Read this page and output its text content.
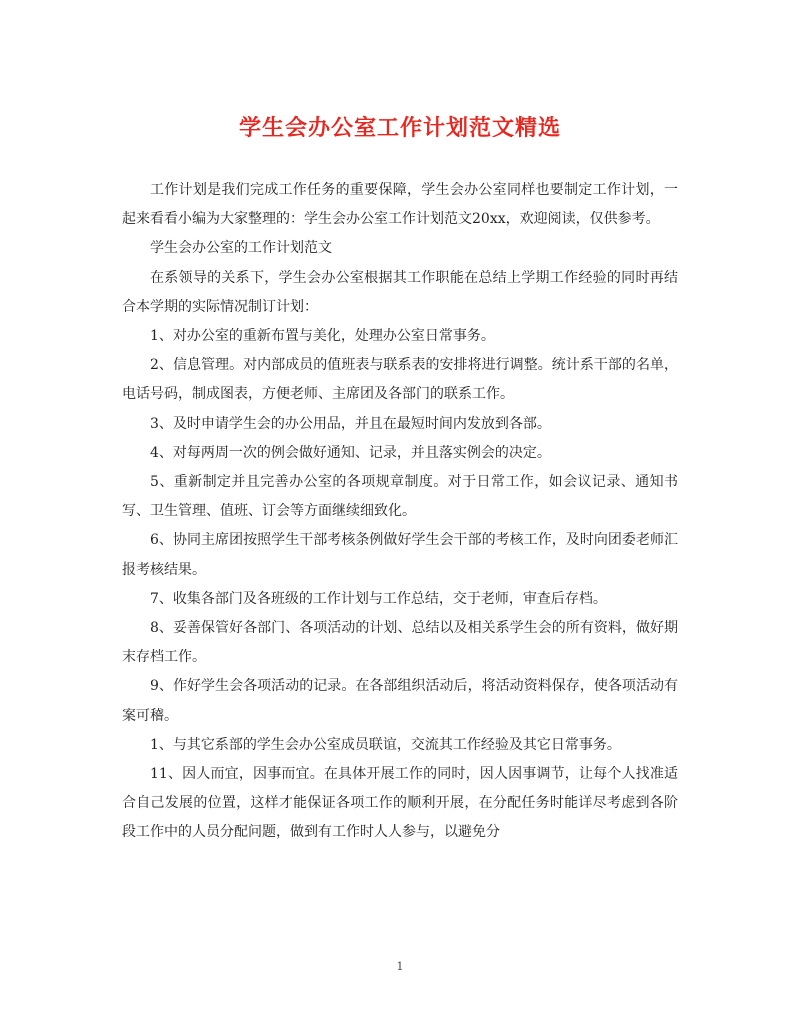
学生会办公室工作计划范文精选

工作计划是我们完成工作任务的重要保障，学生会办公室同样也要制定工作计划，一起来看看小编为大家整理的：学生会办公室工作计划范文20xx，欢迎阅读，仅供参考。

学生会办公室的工作计划范文

在系领导的关系下，学生会办公室根据其工作职能在总结上学期工作经验的同时再结合本学期的实际情况制订计划：

1、对办公室的重新布置与美化，处理办公室日常事务。

2、信息管理。对内部成员的值班表与联系表的安排将进行调整。统计系干部的名单，电话号码，制成图表，方便老师、主席团及各部门的联系工作。

3、及时申请学生会的办公用品，并且在最短时间内发放到各部。

4、对每两周一次的例会做好通知、记录，并且落实例会的决定。

5、重新制定并且完善办公室的各项规章制度。对于日常工作，如会议记录、通知书写、卫生管理、值班、订会等方面继续细致化。

6、协同主席团按照学生干部考核条例做好学生会干部的考核工作，及时向团委老师汇报考核结果。

7、收集各部门及各班级的工作计划与工作总结，交于老师，审查后存档。

8、妥善保管好各部门、各项活动的计划、总结以及相关系学生会的所有资料，做好期末存档工作。

9、作好学生会各项活动的记录。在各部组织活动后，将活动资料保存，使各项活动有案可稽。

1、与其它系部的学生会办公室成员联谊，交流其工作经验及其它日常事务。

11、因人而宜，因事而宜。在具体开展工作的同时，因人因事调节，让每个人找准适合自己发展的位置，这样才能保证各项工作的顺利开展，在分配任务时能详尽考虑到各阶段工作中的人员分配问题，做到有工作时人人参与，以避免分

1
